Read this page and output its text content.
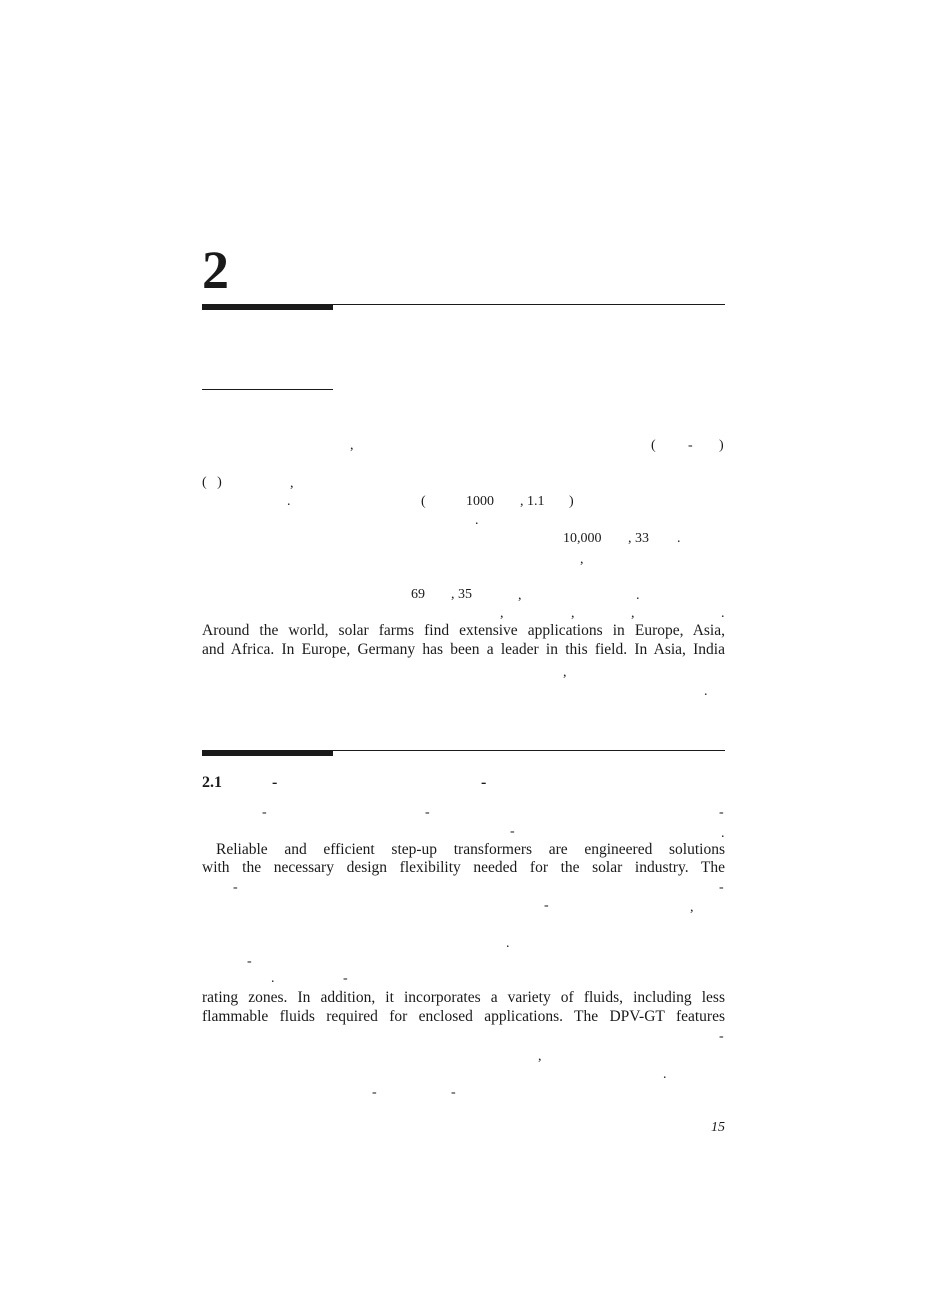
2
,	( - )
(   )	,
.	(	1000 , 1.1 )
.
10,000 , 33 .
,
69 , 35	,	.
,	,	,	.
Around the world, solar farms find extensive applications in Europe, Asia,
and Africa. In Europe, Germany has been a leader in this field. In Asia, India
,
.
2.1	-	-
-	-	-
-	.
Reliable and efficient step-up transformers are engineered solutions
with the necessary design flexibility needed for the solar industry. The
-	-
-	,
.
-
.	-
rating zones. In addition, it incorporates a variety of fluids, including less
flammable fluids required for enclosed applications. The DPV-GT features
-
,
.
-	-
15
